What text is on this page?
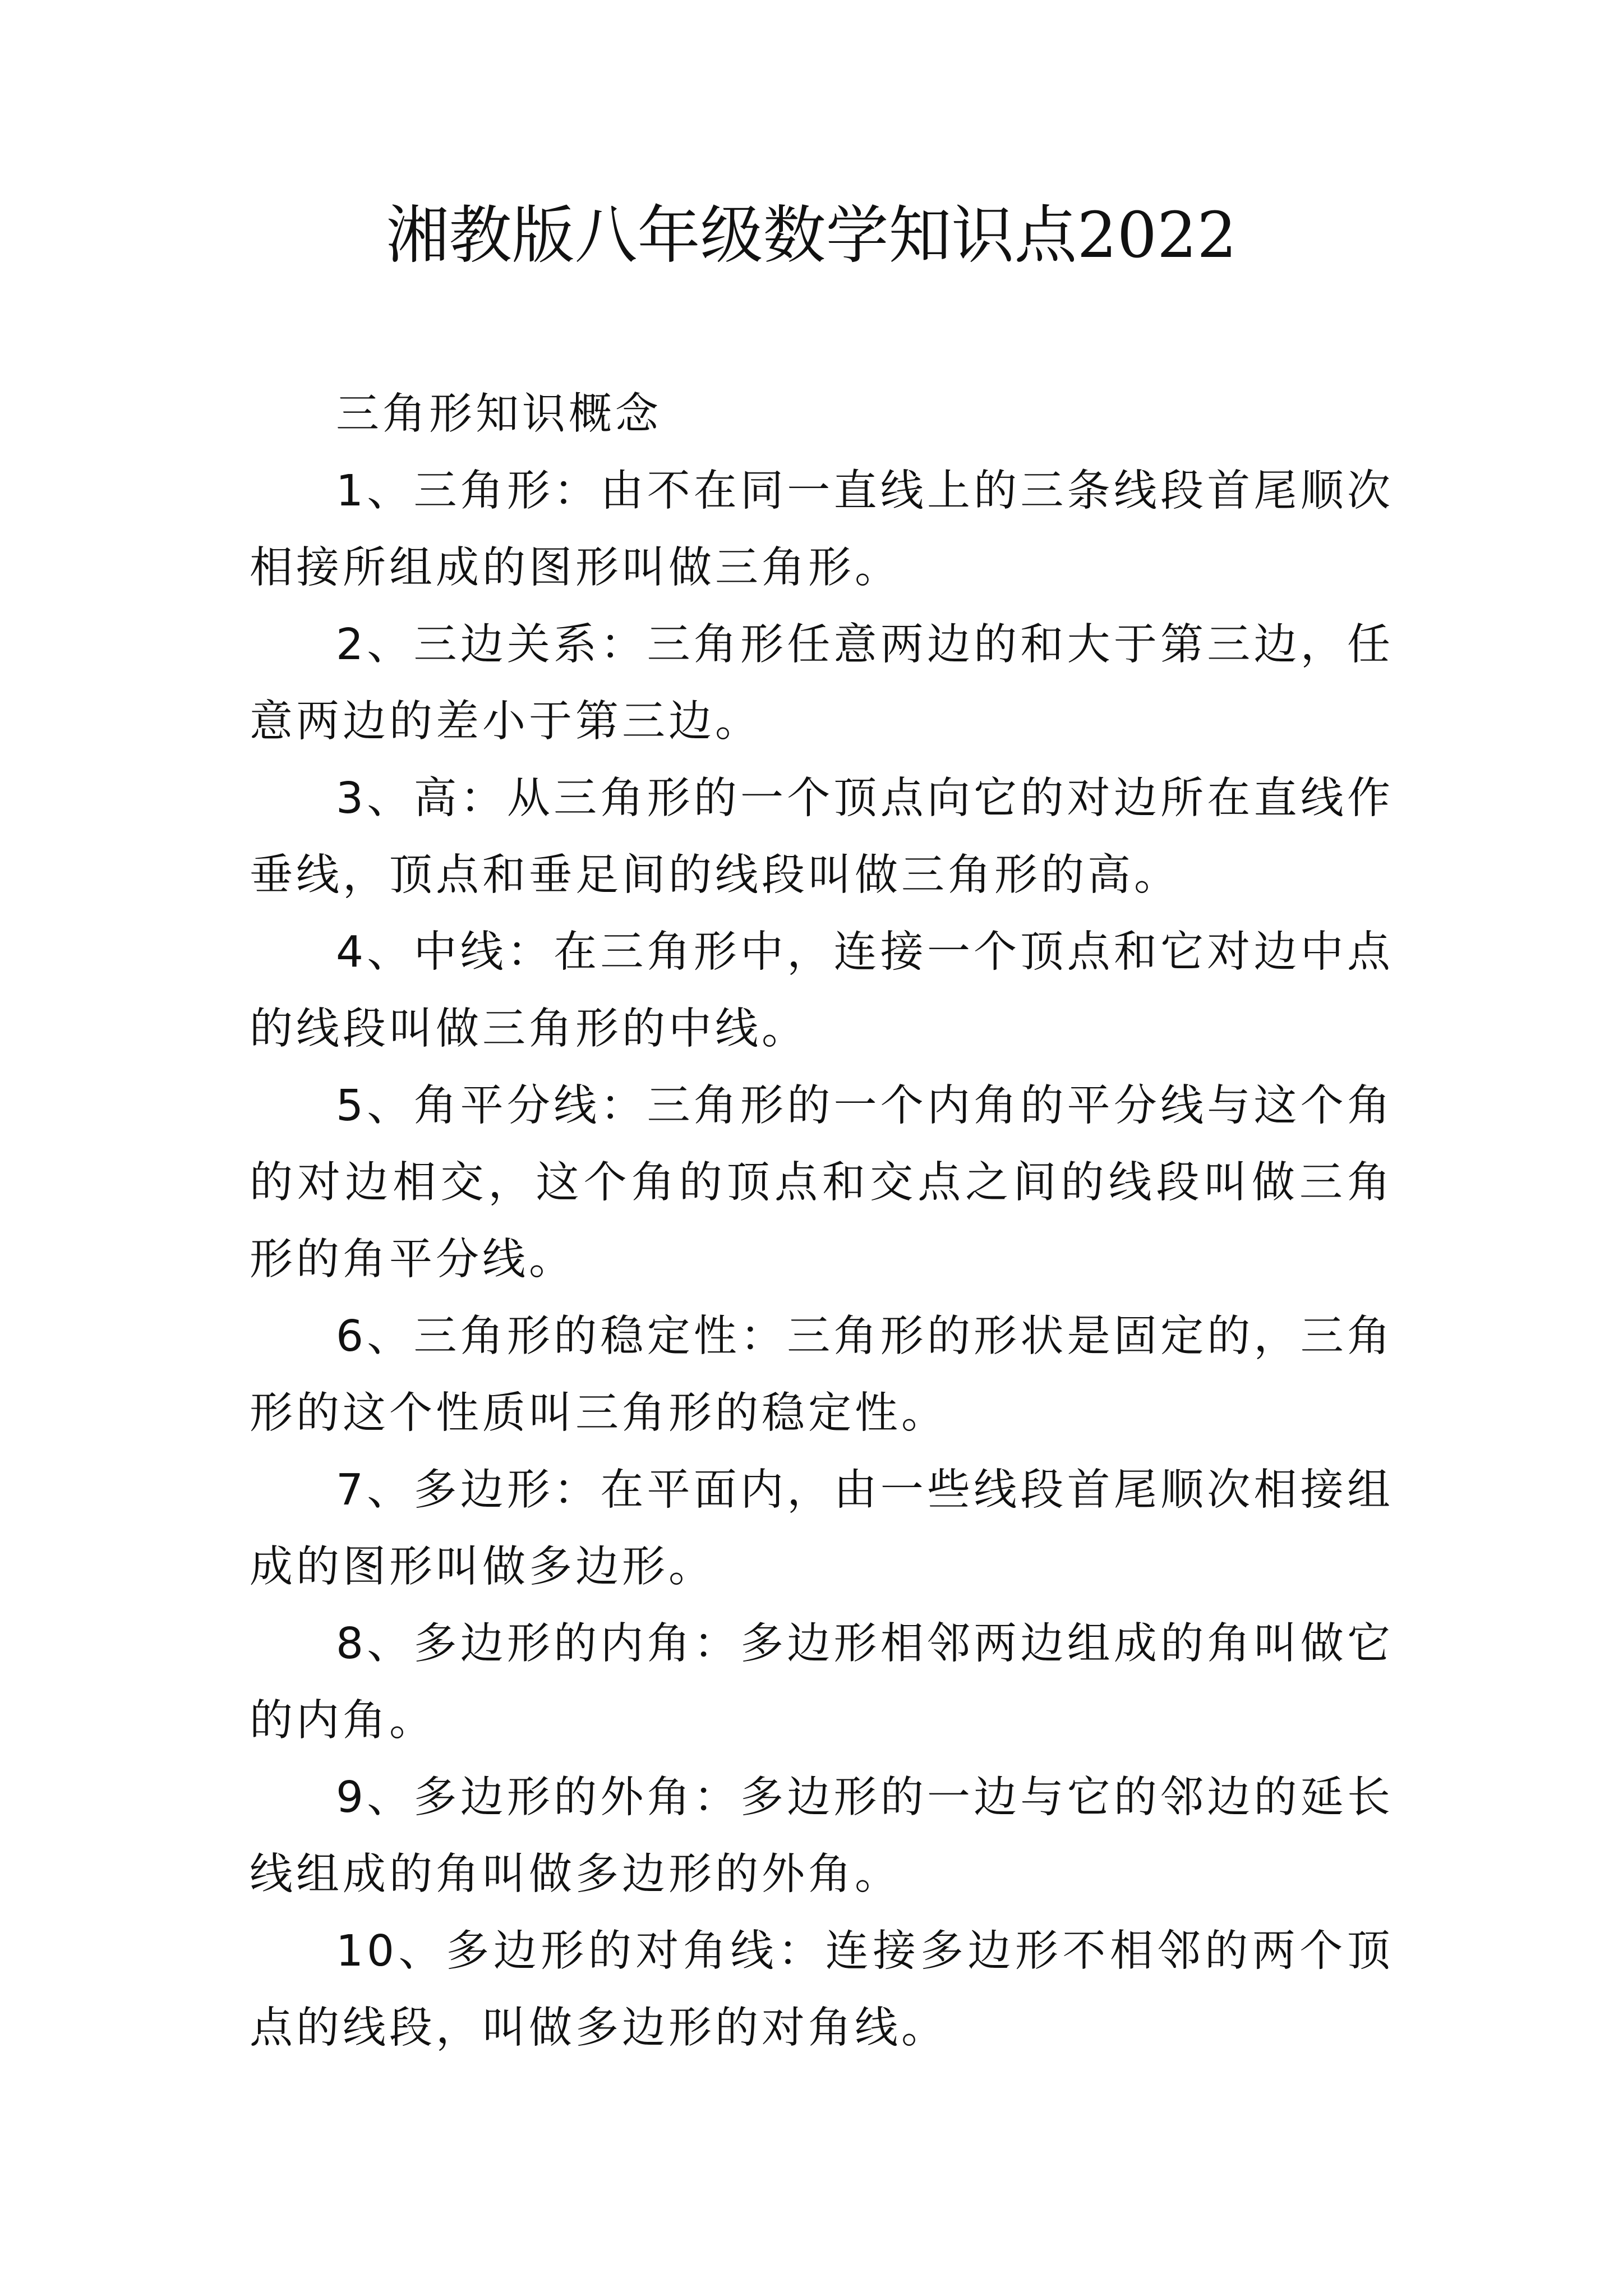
湘教版八年级数学知识点2022

三角形知识概念

1、三角形：由不在同一直线上的三条线段首尾顺次相接所组成的图形叫做三角形。

2、三边关系：三角形任意两边的和大于第三边，任意两边的差小于第三边。

3、高：从三角形的一个顶点向它的对边所在直线作垂线，顶点和垂足间的线段叫做三角形的高。

4、中线：在三角形中，连接一个顶点和它对边中点的线段叫做三角形的中线。

5、角平分线：三角形的一个内角的平分线与这个角的对边相交，这个角的顶点和交点之间的线段叫做三角形的角平分线。

6、三角形的稳定性：三角形的形状是固定的，三角形的这个性质叫三角形的稳定性。

7、多边形：在平面内，由一些线段首尾顺次相接组成的图形叫做多边形。

8、多边形的内角：多边形相邻两边组成的角叫做它的内角。

9、多边形的外角：多边形的一边与它的邻边的延长线组成的角叫做多边形的外角。

10、多边形的对角线：连接多边形不相邻的两个顶点的线段，叫做多边形的对角线。
